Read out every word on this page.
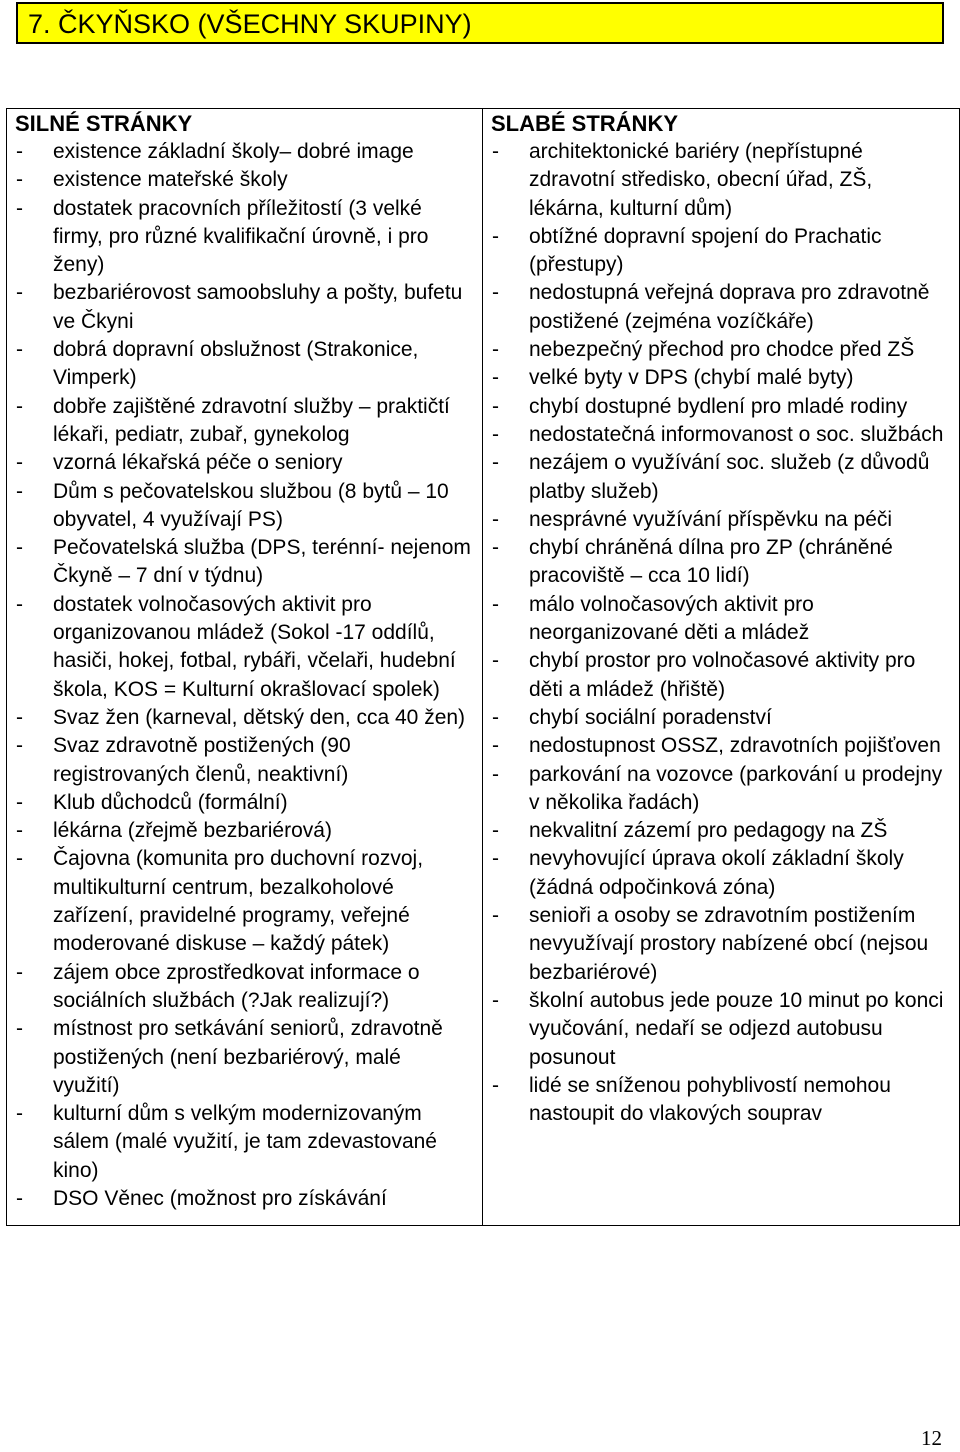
7. ČKYŇSKO (VŠECHNY SKUPINY)
SILNÉ STRÁNKY
- existence základní školy– dobré image
- existence mateřské školy
- dostatek pracovních příležitostí (3 velké firmy, pro různé kvalifikační úrovně, i pro ženy)
- bezbariérovost samoobsluhy a pošty, bufetu ve Čkyni
- dobrá dopravní obslužnost (Strakonice, Vimperk)
- dobře zajištěné zdravotní služby – praktičtí lékaři, pediatr, zubař, gynekolog
- vzorná lékařská péče o seniory
- Dům s pečovatelskou službou (8 bytů – 10 obyvatel, 4 využívají PS)
- Pečovatelská služba (DPS, terénní- nejenom Čkyně – 7 dní v týdnu)
- dostatek volnočasových aktivit pro organizovanou mládež (Sokol -17 oddílů, hasiči, hokej, fotbal, rybáři, včelaři, hudební škola, KOS = Kulturní okrašlovací spolek)
- Svaz žen (karneval, dětský den, cca 40 žen)
- Svaz zdravotně postižených (90 registrovaných členů, neaktivní)
- Klub důchodců (formální)
- lékárna (zřejmě bezbariérová)
- Čajovna (komunita pro duchovní rozvoj, multikulturní centrum, bezalkoholové zařízení, pravidelné programy, veřejné moderované diskuse – každý pátek)
- zájem obce zprostředkovat informace o sociálních službách (?Jak realizují?)
- místnost pro setkávání seniorů, zdravotně postižených (není bezbariérový, malé využití)
- kulturní dům s velkým modernizovaným sálem (malé využití, je tam zdevastované kino)
- DSO Věnec (možnost pro získávání

SLABÉ STRÁNKY
- architektonické bariéry (nepřístupné zdravotní středisko, obecní úřad, ZŠ, lékárna, kulturní dům)
- obtížné dopravní spojení do Prachatic (přestupy)
- nedostupná veřejná doprava pro zdravotně postižené (zejména vozíčkáře)
- nebezpečný přechod pro chodce před ZŠ
- velké byty v DPS (chybí malé byty)
- chybí dostupné bydlení pro mladé rodiny
- nedostatečná informovanost o soc. službách
- nezájem o využívání soc. služeb (z důvodů platby služeb)
- nesprávné využívání příspěvku na péči
- chybí chráněná dílna pro ZP (chráněné pracoviště – cca 10 lidí)
- málo volnočasových aktivit pro neorganizované děti a mládež
- chybí prostor pro volnočasové aktivity pro děti a mládež (hřiště)
- chybí sociální poradenství
- nedostupnost OSSZ, zdravotních pojišťoven
- parkování na vozovce (parkování u prodejny v několika řadách)
- nekvalitní zázemí pro pedagogy na ZŠ
- nevyhovující úprava okolí základní školy (žádná odpočinková zóna)
- senioři a osoby se zdravotním postižením nevyužívají prostory nabízené obcí (nejsou bezbariérové)
- školní autobus jede pouze 10 minut po konci vyučování, nedaří se odjezd autobusu posunout
- lidé se sníženou pohyblivostí nemohou nastoupit do vlakových souprav
12
